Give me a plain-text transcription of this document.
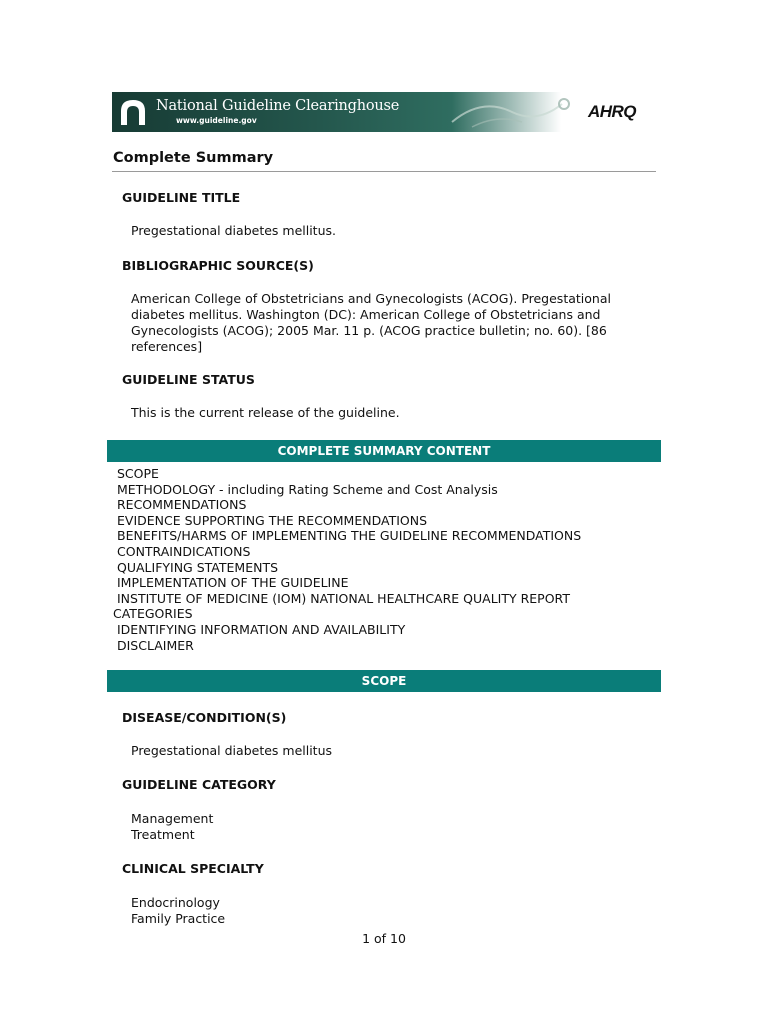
National Guideline Clearinghouse
www.guideline.gov	AHRQ
Complete Summary
GUIDELINE TITLE
Pregestational diabetes mellitus.
BIBLIOGRAPHIC SOURCE(S)
American College of Obstetricians and Gynecologists (ACOG). Pregestational
diabetes mellitus. Washington (DC): American College of Obstetricians and
Gynecologists (ACOG); 2005 Mar. 11 p. (ACOG practice bulletin; no. 60). [86
references]
GUIDELINE STATUS
This is the current release of the guideline.
COMPLETE SUMMARY CONTENT
SCOPE
METHODOLOGY - including Rating Scheme and Cost Analysis
RECOMMENDATIONS
EVIDENCE SUPPORTING THE RECOMMENDATIONS
BENEFITS/HARMS OF IMPLEMENTING THE GUIDELINE RECOMMENDATIONS
CONTRAINDICATIONS
QUALIFYING STATEMENTS
IMPLEMENTATION OF THE GUIDELINE
INSTITUTE OF MEDICINE (IOM) NATIONAL HEALTHCARE QUALITY REPORT
CATEGORIES
IDENTIFYING INFORMATION AND AVAILABILITY
DISCLAIMER
SCOPE
DISEASE/CONDITION(S)
Pregestational diabetes mellitus
GUIDELINE CATEGORY
Management
Treatment
CLINICAL SPECIALTY
Endocrinology
Family Practice
1 of 10
